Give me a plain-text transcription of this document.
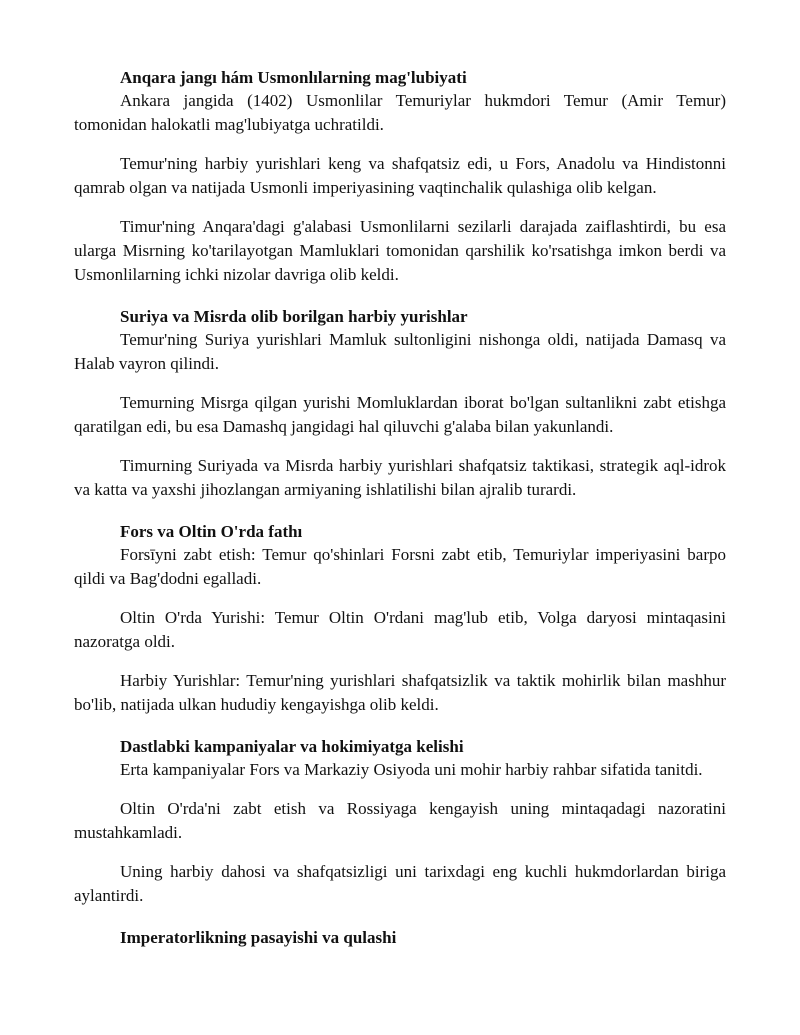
Anqara jangı hám Usmonlılarning mag'lubiyati

Ankara jangida (1402) Usmonlilar Temuriylar hukmdori Temur (Amir Temur) tomonidan halokatli mag'lubiyatga uchratildi.

Temur'ning harbiy yurishlari keng va shafqatsiz edi, u Fors, Anadolu va Hindistonni qamrab olgan va natijada Usmonli imperiyasining vaqtinchalik qulashiga olib kelgan.

Timur'ning Anqara'dagi g'alabasi Usmonlilarni sezilarli darajada zaiflashtirdi, bu esa ularga Misrning ko'tarilayotgan Mamluklari tomonidan qarshilik ko'rsatishga imkon berdi va Usmonlilarning ichki nizolar davriga olib keldi.

Suriya va Misrda olib borilgan harbiy yurishlar

Temur'ning Suriya yurishlari Mamluk sultonligini nishonga oldi, natijada Damasq va Halab vayron qilindi.

Temurning Misrga qilgan yurishi Momluklardan iborat bo'lgan sultanlikni zabt etishga qaratilgan edi, bu esa Damashq jangidagi hal qiluvchi g'alaba bilan yakunlandi.

Timurning Suriyada va Misrda harbiy yurishlari shafqatsiz taktikasi, strategik aql-idrok va katta va yaxshi jihozlangan armiyaning ishlatilishi bilan ajralib turardi.

Fors va Oltin O'rda fathı

Forsīyni zabt etish: Temur qo'shinlari Forsni zabt etib, Temuriylar imperiyasini barpo qildi va Bag'dodni egalladi.

Oltin O'rda Yurishi: Temur Oltin O'rdani mag'lub etib, Volga daryosi mintaqasini nazoratga oldi.

Harbiy Yurishlar: Temur'ning yurishlari shafqatsizlik va taktik mohirlik bilan mashhur bo'lib, natijada ulkan hududiy kengayishga olib keldi.

Dastlabki kampaniyalar va hokimiyatga kelishi

Erta kampaniyalar Fors va Markaziy Osiyoda uni mohir harbiy rahbar sifatida tanitdi.

Oltin O'rda'ni zabt etish va Rossiyaga kengayish uning mintaqadagi nazoratini mustahkamladi.

Uning harbiy dahosi va shafqatsizligi uni tarixdagi eng kuchli hukmdorlardan biriga aylantirdi.

Imperatorlikning pasayishi va qulashi
